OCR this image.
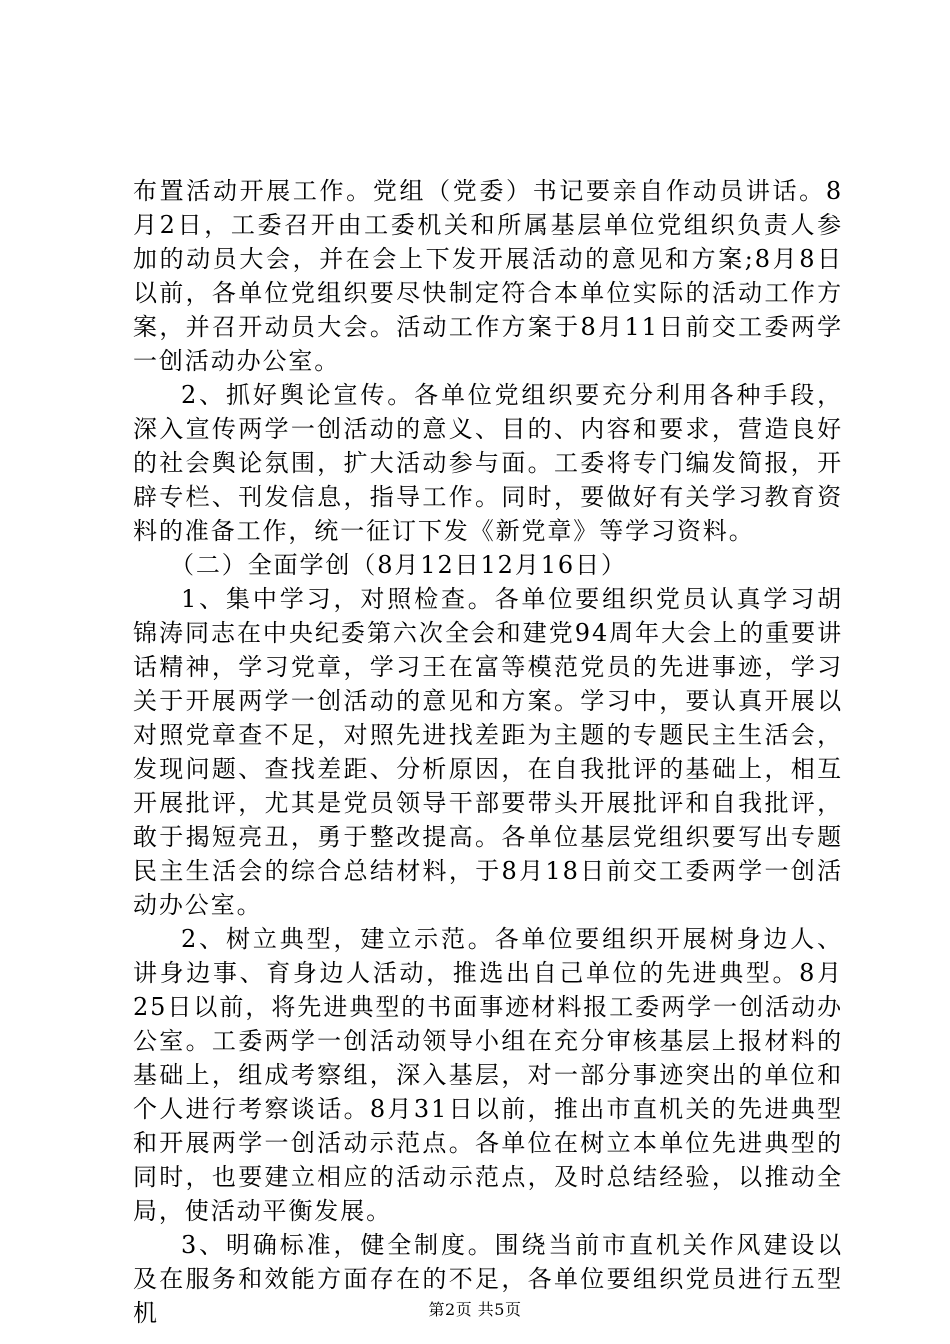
布置活动开展工作。党组（党委）书记要亲自作动员讲话。8月2日，工委召开由工委机关和所属基层单位党组织负责人参加的动员大会，并在会上下发开展活动的意见和方案;8月8日以前，各单位党组织要尽快制定符合本单位实际的活动工作方案，并召开动员大会。活动工作方案于8月11日前交工委两学一创活动办公室。

2、抓好舆论宣传。各单位党组织要充分利用各种手段，深入宣传两学一创活动的意义、目的、内容和要求，营造良好的社会舆论氛围，扩大活动参与面。工委将专门编发简报，开辟专栏、刊发信息，指导工作。同时，要做好有关学习教育资料的准备工作，统一征订下发《新党章》等学习资料。

（二）全面学创（8月12日12月16日）

1、集中学习，对照检查。各单位要组织党员认真学习胡锦涛同志在中央纪委第六次全会和建党94周年大会上的重要讲话精神，学习党章，学习王在富等模范党员的先进事迹，学习关于开展两学一创活动的意见和方案。学习中，要认真开展以对照党章查不足，对照先进找差距为主题的专题民主生活会，发现问题、查找差距、分析原因，在自我批评的基础上，相互开展批评，尤其是党员领导干部要带头开展批评和自我批评，敢于揭短亮丑，勇于整改提高。各单位基层党组织要写出专题民主生活会的综合总结材料，于8月18日前交工委两学一创活动办公室。

2、树立典型，建立示范。各单位要组织开展树身边人、讲身边事、育身边人活动，推选出自己单位的先进典型。8月25日以前，将先进典型的书面事迹材料报工委两学一创活动办公室。工委两学一创活动领导小组在充分审核基层上报材料的基础上，组成考察组，深入基层，对一部分事迹突出的单位和个人进行考察谈话。8月31日以前，推出市直机关的先进典型和开展两学一创活动示范点。各单位在树立本单位先进典型的同时，也要建立相应的活动示范点，及时总结经验，以推动全局，使活动平衡发展。

3、明确标准，健全制度。围绕当前市直机关作风建设以及在服务和效能方面存在的不足，各单位要组织党员进行五型机	第2页 共5页
